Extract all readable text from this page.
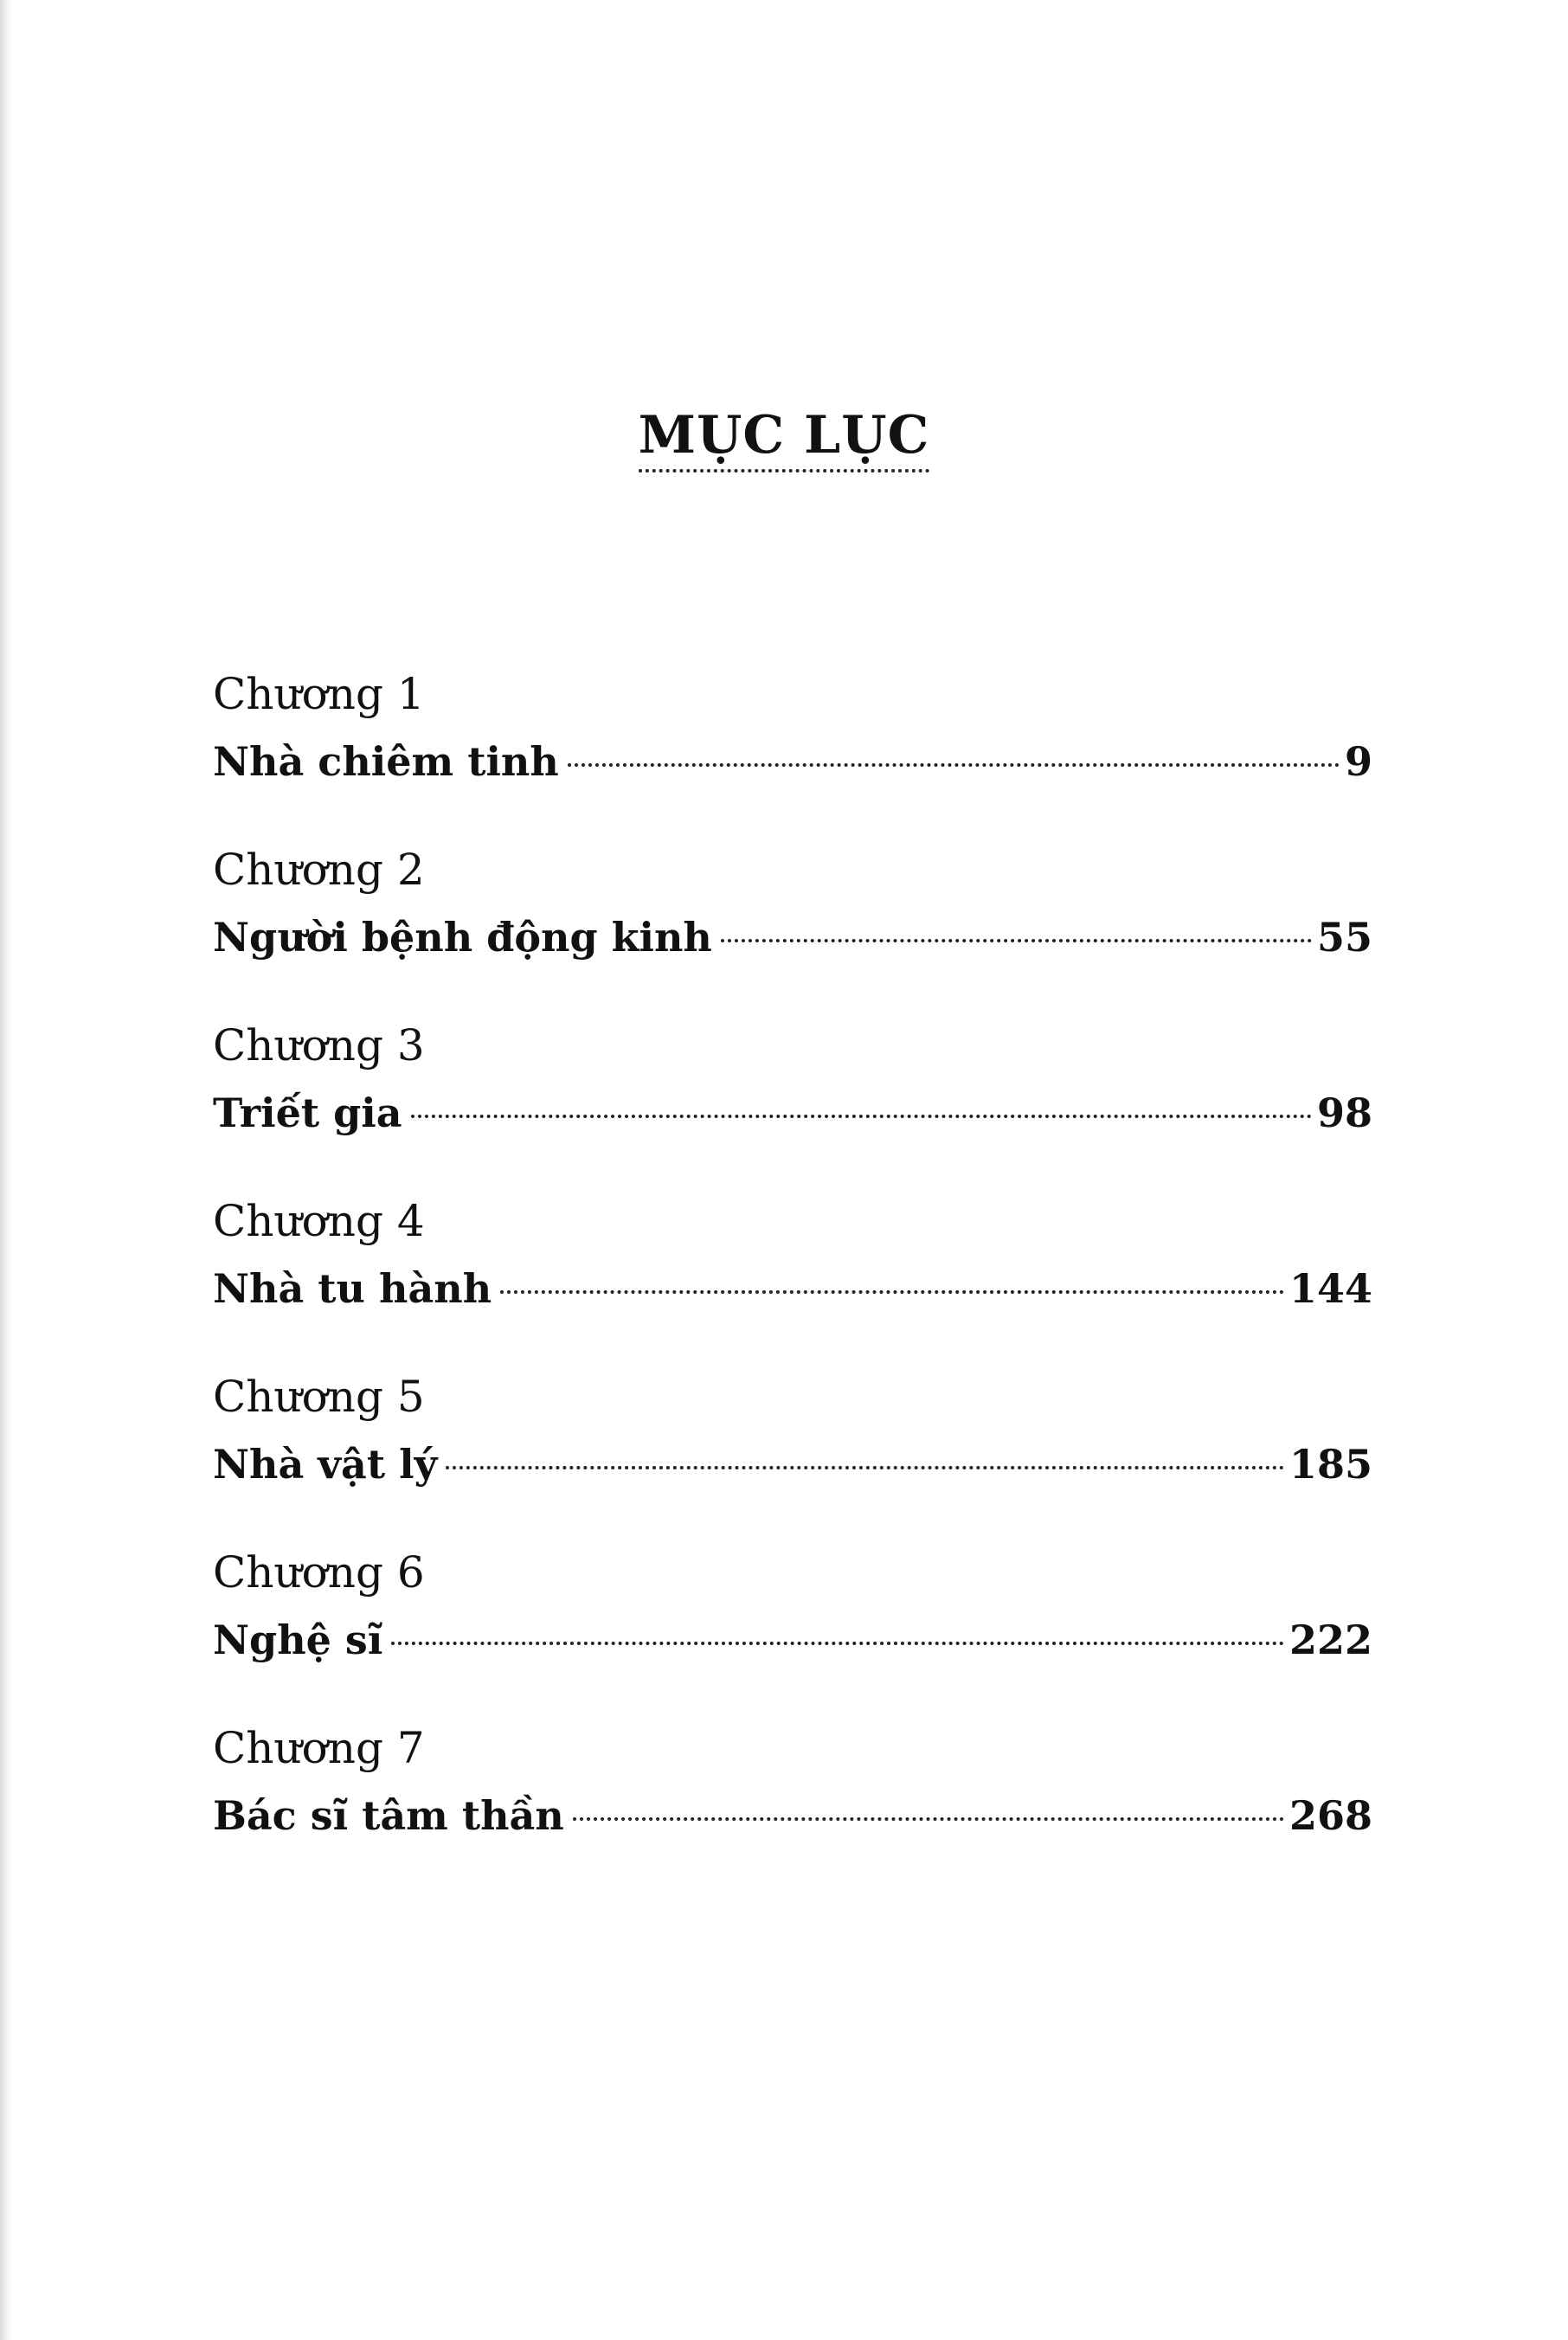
MỤC LỤC
Chương 1
Nhà chiêm tinh	9
Chương 2
Người bệnh động kinh	55
Chương 3
Triết gia	98
Chương 4
Nhà tu hành	144
Chương 5
Nhà vật lý	185
Chương 6
Nghệ sĩ	222
Chương 7
Bác sĩ tâm thần	268
